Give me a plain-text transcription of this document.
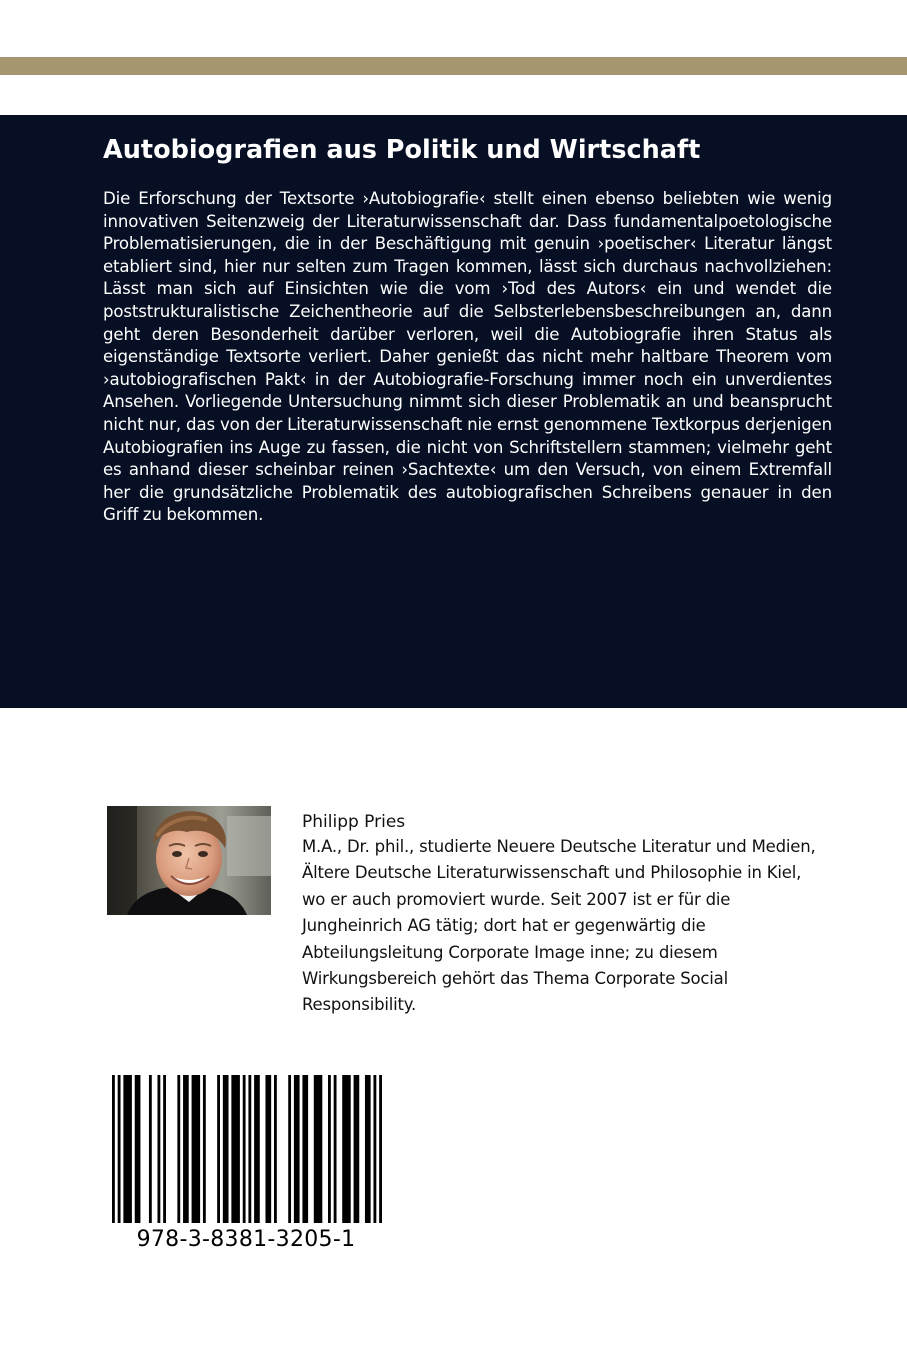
Autobiografien aus Politik und Wirtschaft

Die Erforschung der Textsorte ›Autobiografie‹ stellt einen ebenso beliebten wie wenig innovativen Seitenzweig der Literaturwissenschaft dar. Dass fundamentalpoetologische Problematisierungen, die in der Beschäftigung mit genuin ›poetischer‹ Literatur längst etabliert sind, hier nur selten zum Tragen kommen, lässt sich durchaus nachvollziehen: Lässt man sich auf Einsichten wie die vom ›Tod des Autors‹ ein und wendet die poststrukturalistische Zeichentheorie auf die Selbsterlebensbeschreibungen an, dann geht deren Besonderheit darüber verloren, weil die Autobiografie ihren Status als eigenständige Textsorte verliert. Daher genießt das nicht mehr haltbare Theorem vom ›autobiografischen Pakt‹ in der Autobiografie-Forschung immer noch ein unverdientes Ansehen. Vorliegende Untersuchung nimmt sich dieser Problematik an und beansprucht nicht nur, das von der Literaturwissenschaft nie ernst genommene Textkorpus derjenigen Autobiografien ins Auge zu fassen, die nicht von Schriftstellern stammen; vielmehr geht es anhand dieser scheinbar reinen ›Sachtexte‹ um den Versuch, von einem Extremfall her die grundsätzliche Problematik des autobiografischen Schreibens genauer in den Griff zu bekommen.

Philipp Pries

M.A., Dr. phil., studierte Neuere Deutsche Literatur und Medien, Ältere Deutsche Literaturwissenschaft und Philosophie in Kiel, wo er auch promoviert wurde. Seit 2007 ist er für die Jungheinrich AG tätig; dort hat er gegenwärtig die Abteilungsleitung Corporate Image inne; zu diesem Wirkungsbereich gehört das Thema Corporate Social Responsibility.

978-3-8381-3205-1
